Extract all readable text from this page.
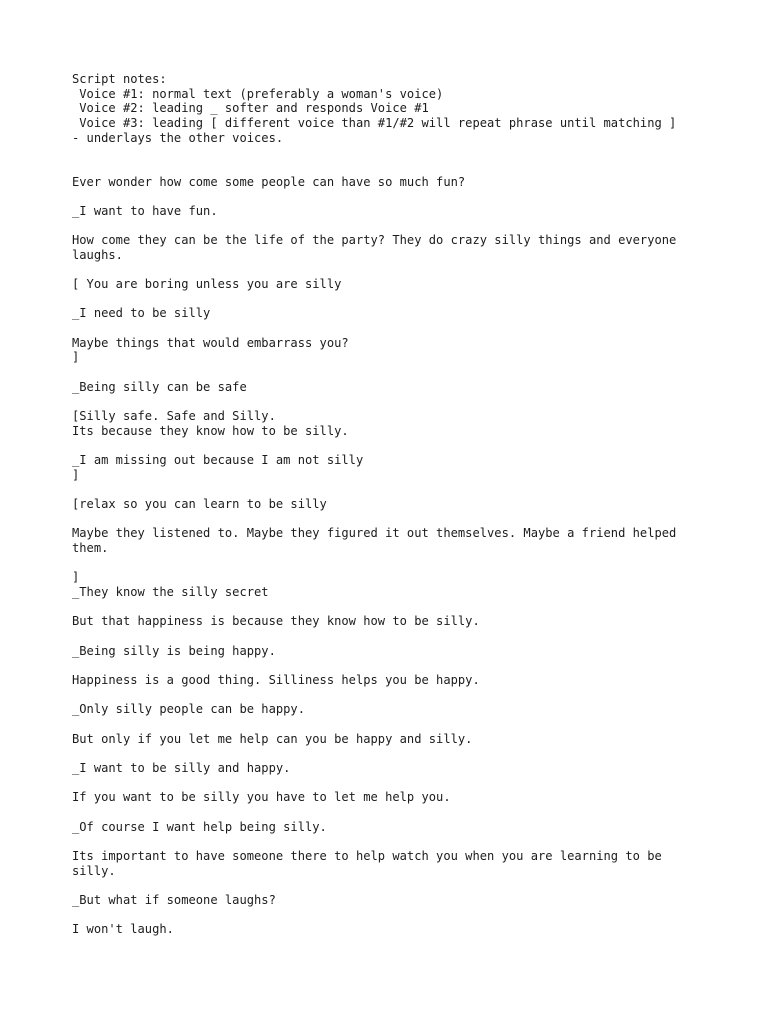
Script notes:

Voice #1: normal text (preferably a woman's voice)

Voice #2: leading _ softer and responds Voice #1

Voice #3: leading [ different voice than #1/#2 will repeat phrase until matching ]

- underlays the other voices.

Ever wonder how come some people can have so much fun?

_I want to have fun.

How come they can be the life of the party? They do crazy silly things and everyone

laughs.

[ You are boring unless you are silly

_I need to be silly

Maybe things that would embarrass you?

]

_Being silly can be safe

[Silly safe. Safe and Silly.

Its because they know how to be silly.

_I am missing out because I am not silly

]

[relax so you can learn to be silly

Maybe they listened to. Maybe they figured it out themselves. Maybe a friend helped

them.

]

_They know the silly secret

But that happiness is because they know how to be silly.

_Being silly is being happy.

Happiness is a good thing. Silliness helps you be happy.

_Only silly people can be happy.

But only if you let me help can you be happy and silly.

_I want to be silly and happy.

If you want to be silly you have to let me help you.

_Of course I want help being silly.

Its important to have someone there to help watch you when you are learning to be

silly.

_But what if someone laughs?

I won't laugh.
